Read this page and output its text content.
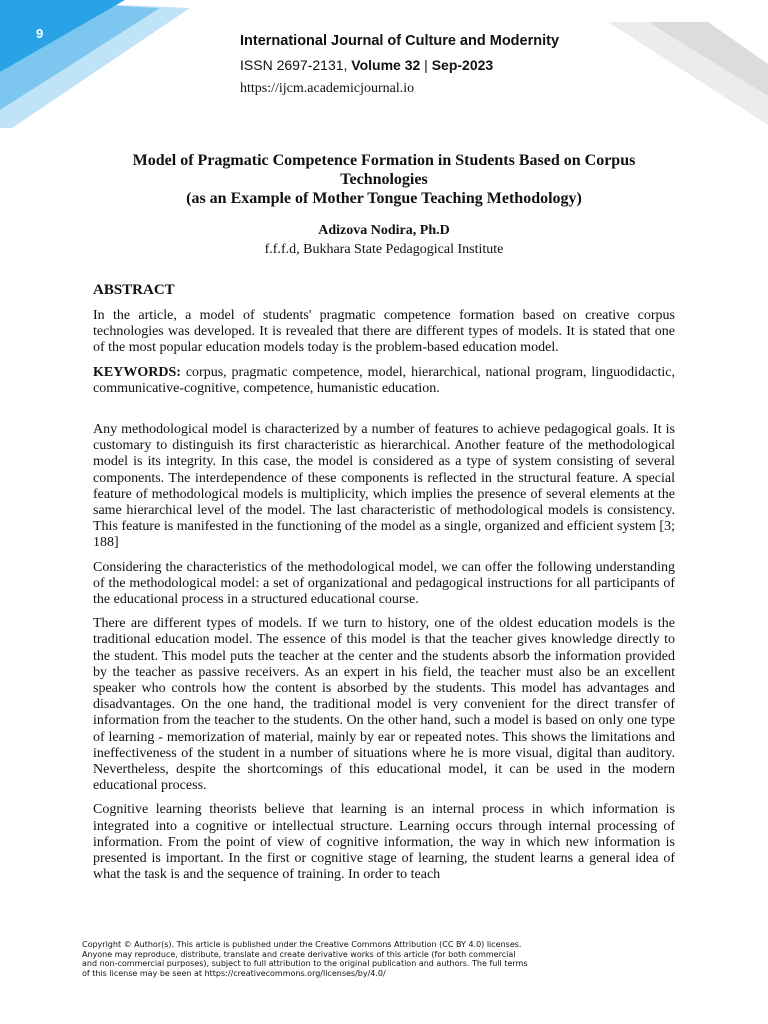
9	International Journal of Culture and Modernity
ISSN 2697-2131, Volume 32 | Sep-2023
https://ijcm.academicjournal.io
Model of Pragmatic Competence Formation in Students Based on Corpus
Technologies
(as an Example of Mother Tongue Teaching Methodology)
Adizova Nodira, Ph.D
f.f.f.d, Bukhara State Pedagogical Institute
ABSTRACT

In the article, a model of students' pragmatic competence formation based on creative corpus technologies was developed. It is revealed that there are different types of models. It is stated that one of the most popular education models today is the problem-based education model.

KEYWORDS: corpus, pragmatic competence, model, hierarchical, national program, linguodidactic, communicative-cognitive, competence, humanistic education.

Any methodological model is characterized by a number of features to achieve pedagogical goals. It is customary to distinguish its first characteristic as hierarchical. Another feature of the methodological model is its integrity. In this case, the model is considered as a type of system consisting of several components. The interdependence of these components is reflected in the structural feature. A special feature of methodological models is multiplicity, which implies the presence of several elements at the same hierarchical level of the model. The last characteristic of methodological models is consistency. This feature is manifested in the functioning of the model as a single, organized and efficient system [3; 188]

Considering the characteristics of the methodological model, we can offer the following understanding of the methodological model: a set of organizational and pedagogical instructions for all participants of the educational process in a structured educational course.

There are different types of models. If we turn to history, one of the oldest education models is the traditional education model. The essence of this model is that the teacher gives knowledge directly to the student. This model puts the teacher at the center and the students absorb the information provided by the teacher as passive receivers. As an expert in his field, the teacher must also be an excellent speaker who controls how the content is absorbed by the students. This model has advantages and disadvantages. On the one hand, the traditional model is very convenient for the direct transfer of information from the teacher to the students. On the other hand, such a model is based on only one type of learning - memorization of material, mainly by ear or repeated notes. This shows the limitations and ineffectiveness of the student in a number of situations where he is more visual, digital than auditory. Nevertheless, despite the shortcomings of this educational model, it can be used in the modern educational process.

Cognitive learning theorists believe that learning is an internal process in which information is integrated into a cognitive or intellectual structure. Learning occurs through internal processing of information. From the point of view of cognitive information, the way in which new information is presented is important. In the first or cognitive stage of learning, the student learns a general idea of what the task is and the sequence of training. In order to teach

Copyright © Author(s). This article is published under the Creative Commons Attribution (CC BY 4.0) licenses.
Anyone may reproduce, distribute, translate and create derivative works of this article (for both commercial
and non-commercial purposes), subject to full attribution to the original publication and authors. The full terms
of this license may be seen at https://creativecommons.org/licenses/by/4.0/
